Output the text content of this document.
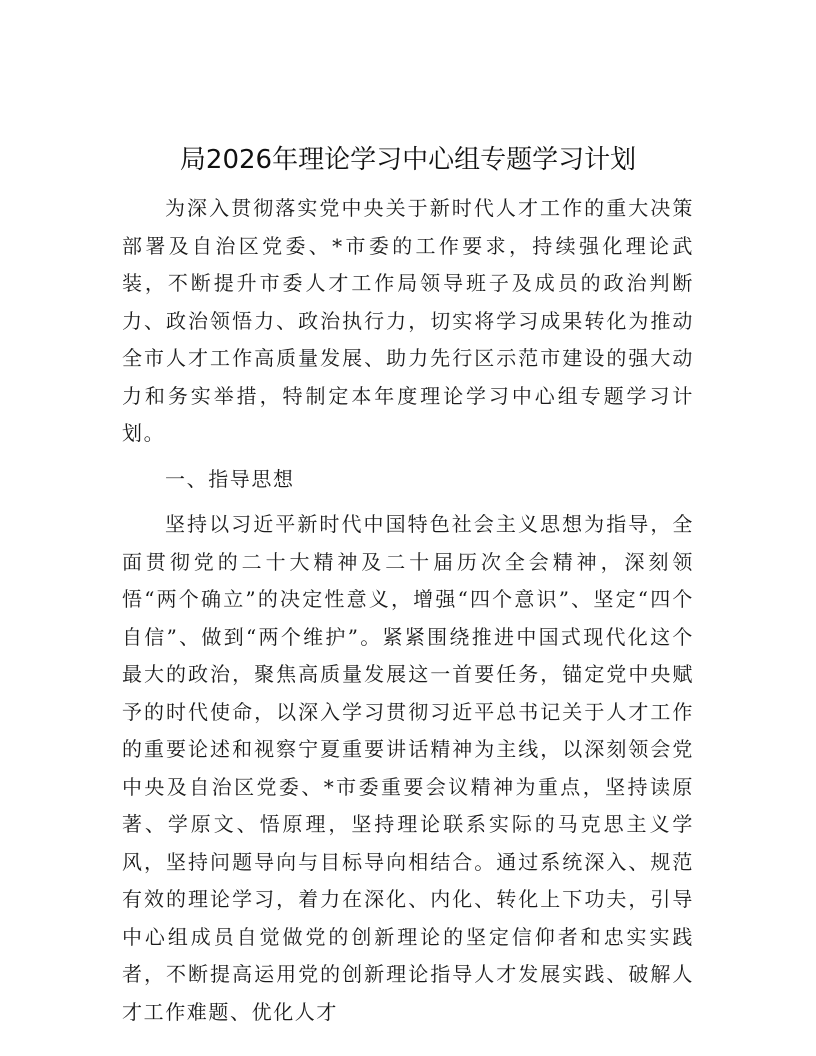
局2026年理论学习中心组专题学习计划

为深入贯彻落实党中央关于新时代人才工作的重大决策部署及自治区党委、*市委的工作要求，持续强化理论武装，不断提升市委人才工作局领导班子及成员的政治判断力、政治领悟力、政治执行力，切实将学习成果转化为推动全市人才工作高质量发展、助力先行区示范市建设的强大动力和务实举措，特制定本年度理论学习中心组专题学习计划。

一、指导思想

坚持以习近平新时代中国特色社会主义思想为指导，全面贯彻党的二十大精神及二十届历次全会精神，深刻领悟“两个确立”的决定性意义，增强“四个意识”、坚定“四个自信”、做到“两个维护”。紧紧围绕推进中国式现代化这个最大的政治，聚焦高质量发展这一首要任务，锚定党中央赋予的时代使命，以深入学习贯彻习近平总书记关于人才工作的重要论述和视察宁夏重要讲话精神为主线，以深刻领会党中央及自治区党委、*市委重要会议精神为重点，坚持读原著、学原文、悟原理，坚持理论联系实际的马克思主义学风，坚持问题导向与目标导向相结合。通过系统深入、规范有效的理论学习，着力在深化、内化、转化上下功夫，引导中心组成员自觉做党的创新理论的坚定信仰者和忠实实践者，不断提高运用党的创新理论指导人才发展实践、破解人才工作难题、优化人才
